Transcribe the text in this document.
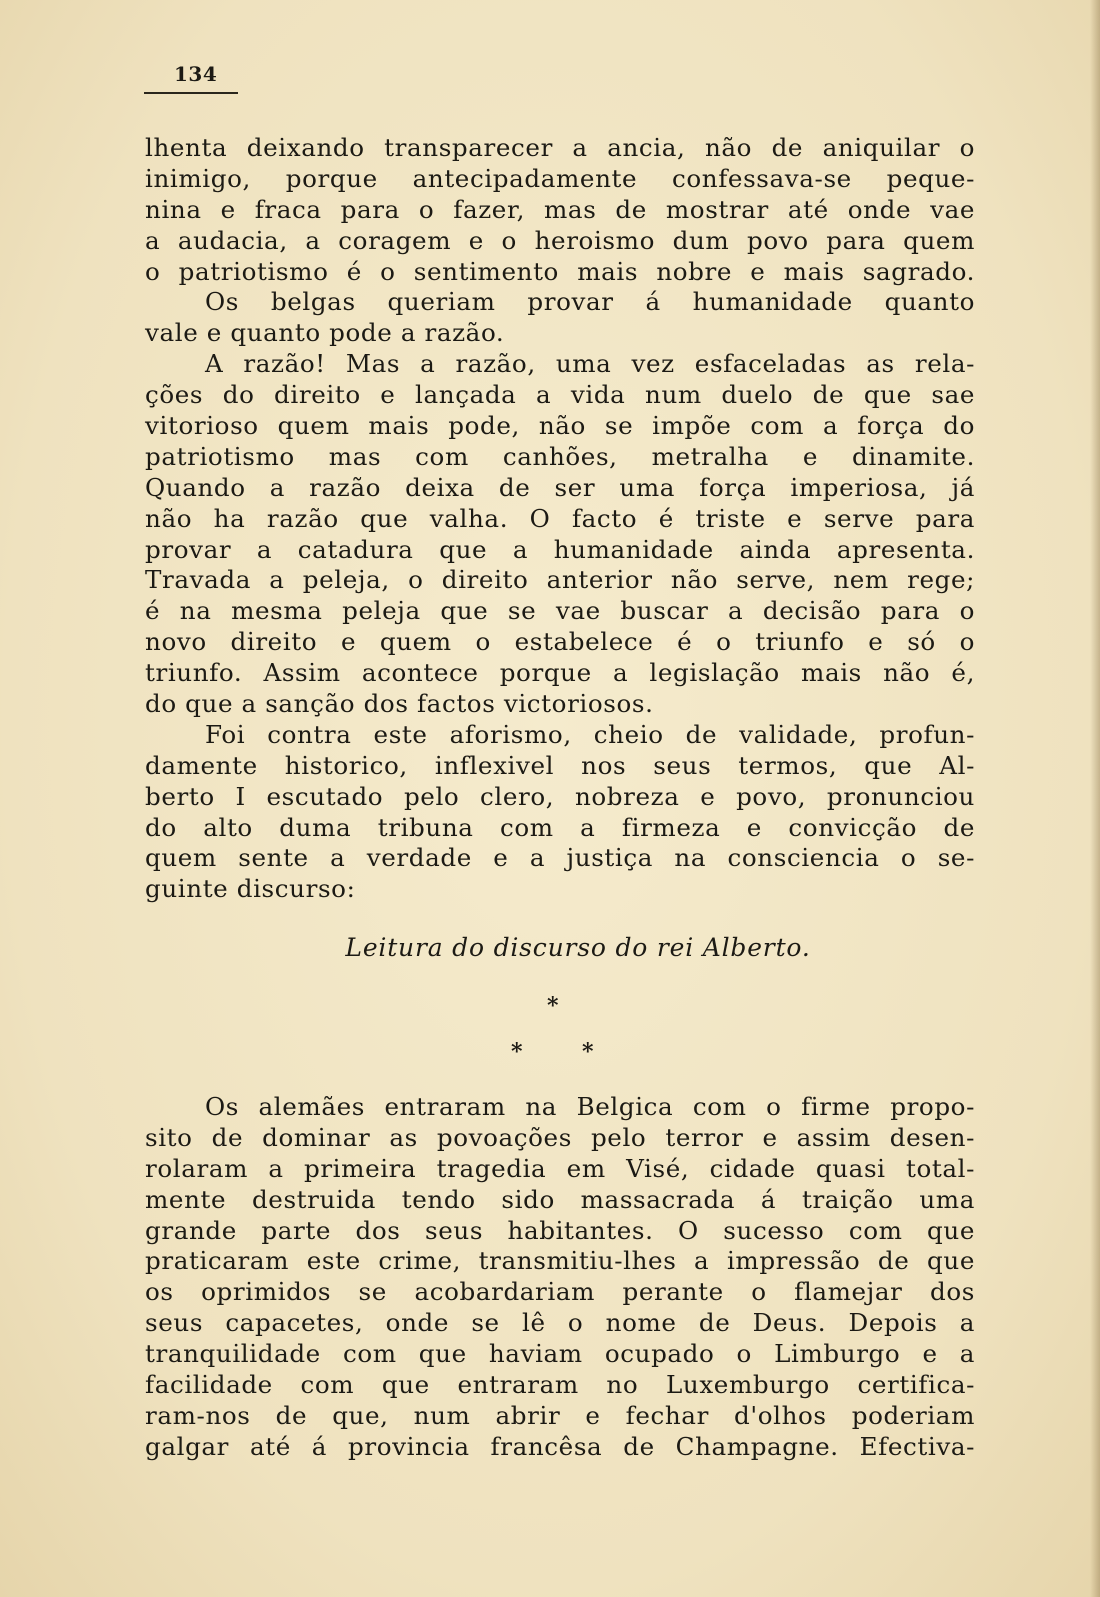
134
lhenta deixando transparecer a ancia, não de aniquilar o
inimigo, porque antecipadamente confessava-se peque-
nina e fraca para o fazer, mas de mostrar até onde vae
a audacia, a coragem e o heroismo dum povo para quem
o patriotismo é o sentimento mais nobre e mais sagrado.
Os belgas queriam provar á humanidade quanto
vale e quanto pode a razão.
A razão! Mas a razão, uma vez esfaceladas as rela-
ções do direito e lançada a vida num duelo de que sae
vitorioso quem mais pode, não se impõe com a força do
patriotismo mas com canhões, metralha e dinamite.
Quando a razão deixa de ser uma força imperiosa, já
não ha razão que valha. O facto é triste e serve para
provar a catadura que a humanidade ainda apresenta.
Travada a peleja, o direito anterior não serve, nem rege;
é na mesma peleja que se vae buscar a decisão para o
novo direito e quem o estabelece é o triunfo e só o
triunfo. Assim acontece porque a legislação mais não é,
do que a sanção dos factos victoriosos.
Foi contra este aforismo, cheio de validade, profun-
damente historico, inflexivel nos seus termos, que Al-
berto I escutado pelo clero, nobreza e povo, pronunciou
do alto duma tribuna com a firmeza e convicção de
quem sente a verdade e a justiça na consciencia o se-
guinte discurso:
Leitura do discurso do rei Alberto.
*
*	*
Os alemães entraram na Belgica com o firme propo-
sito de dominar as povoações pelo terror e assim desen-
rolaram a primeira tragedia em Visé, cidade quasi total-
mente destruida tendo sido massacrada á traição uma
grande parte dos seus habitantes. O sucesso com que
praticaram este crime, transmitiu-lhes a impressão de que
os oprimidos se acobardariam perante o flamejar dos
seus capacetes, onde se lê o nome de Deus. Depois a
tranquilidade com que haviam ocupado o Limburgo e a
facilidade com que entraram no Luxemburgo certifica-
ram-nos de que, num abrir e fechar d'olhos poderiam
galgar até á provincia francêsa de Champagne. Efectiva-
